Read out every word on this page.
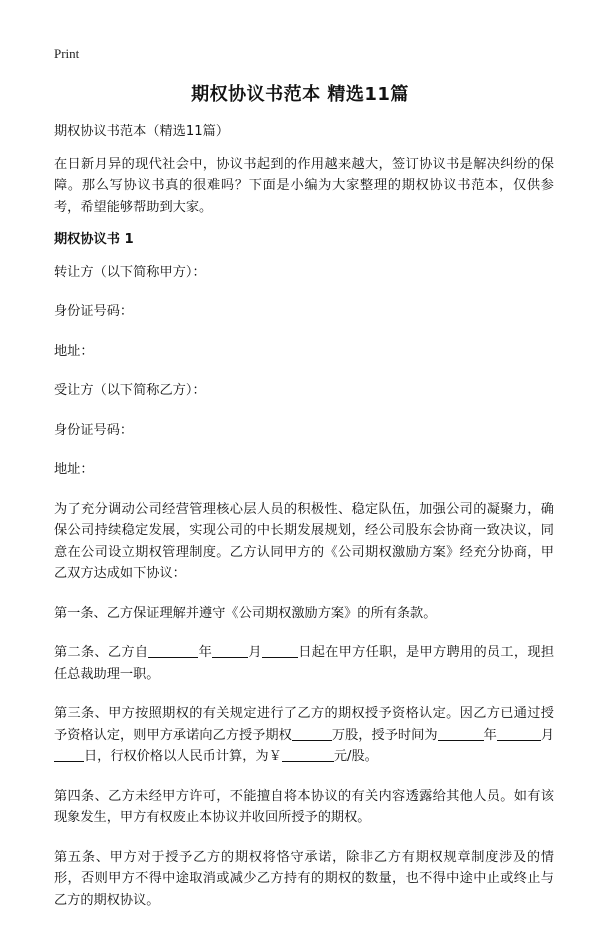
Print
期权协议书范本 精选11篇

期权协议书范本（精选11篇）

在日新月异的现代社会中，协议书起到的作用越来越大，签订协议书是解决纠纷的保障。那么写协议书真的很难吗？下面是小编为大家整理的期权协议书范本，仅供参考，希望能够帮助到大家。

期权协议书 1

转让方（以下简称甲方）：

身份证号码：

地址：

受让方（以下简称乙方）：

身份证号码：

地址：

为了充分调动公司经营管理核心层人员的积极性、稳定队伍，加强公司的凝聚力，确保公司持续稳定发展，实现公司的中长期发展规划，经公司股东会协商一致决议，同意在公司设立期权管理制度。乙方认同甲方的《公司期权激励方案》经充分协商，甲乙双方达成如下协议：

第一条、乙方保证理解并遵守《公司期权激励方案》的所有条款。

第二条、乙方自	年	月	日起在甲方任职，是甲方聘用的员工，现担任总裁助理一职。

第三条、甲方按照期权的有关规定进行了乙方的期权授予资格认定。因乙方已通过授予资格认定，则甲方承诺向乙方授予期权	万股，授予时间为	年	月日，行权价格以人民币计算，为￥	元/股。

第四条、乙方未经甲方许可，不能擅自将本协议的有关内容透露给其他人员。如有该现象发生，甲方有权废止本协议并收回所授予的期权。

第五条、甲方对于授予乙方的期权将恪守承诺，除非乙方有期权规章制度涉及的情形，否则甲方不得中途取消或减少乙方持有的期权的数量，也不得中途中止或终止与乙方的期权协议。
